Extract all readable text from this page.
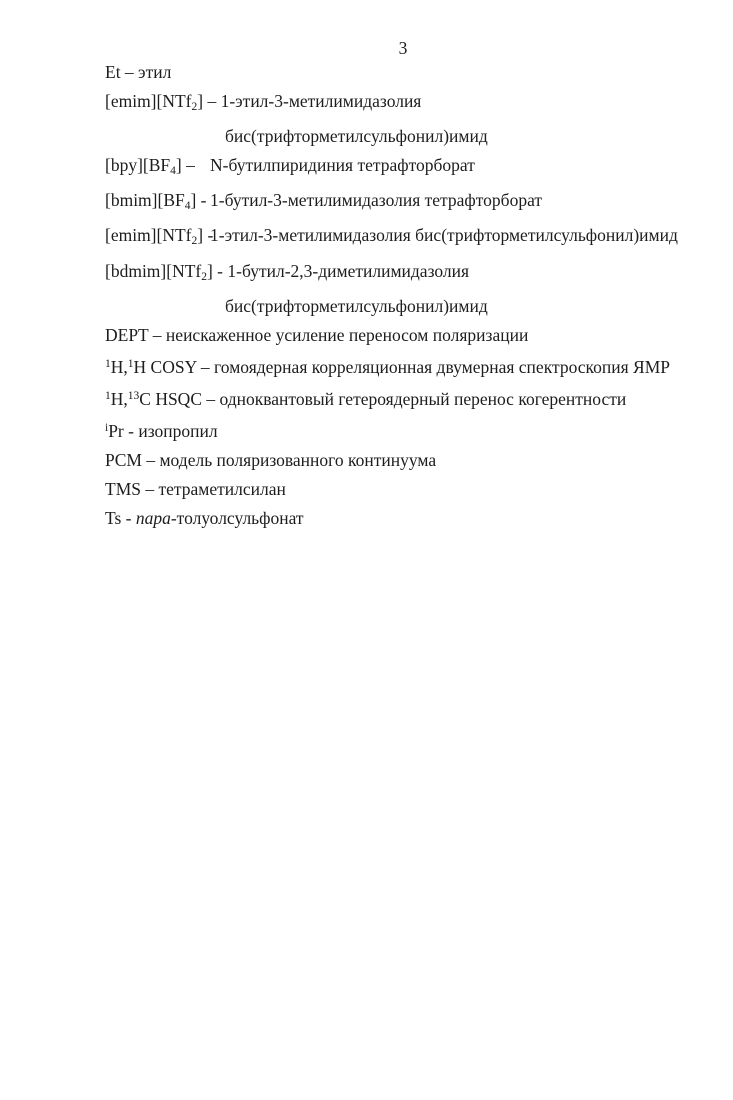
3
Et – этил
[emim][NTf$_2$] – 1-этил-3-метилимидазолия
бис(трифторметилсульфонил)имид
$[bpy][BF_4]$ – N-бутилпиридиния тетрафторборат
$[bmim][BF_4]$ - 1-бутил-3-метилимидазолия тетрафторборат
[emim][NTf$_2$] -1-этил-3-метилимидазолия бис(трифторметилсульфонил)имид
[bdmim][NTf$_2$] - 1-бутил-2,3-диметилимидазолия
бис(трифторметилсульфонил)имид
DEPT – неискаженное усиление переносом поляризации
$^1$H,$^1$H COSY – гомоядерная корреляционная двумерная спектроскопия ЯМР
$^1$H,$^{13}$C HSQC – одноквантовый гетероядерный перенос когерентности
$^i$Pr - изопропил
PCM – модель поляризованного континуума
TMS – тетраметилсилан
Ts - пара-толуолсульфонат
